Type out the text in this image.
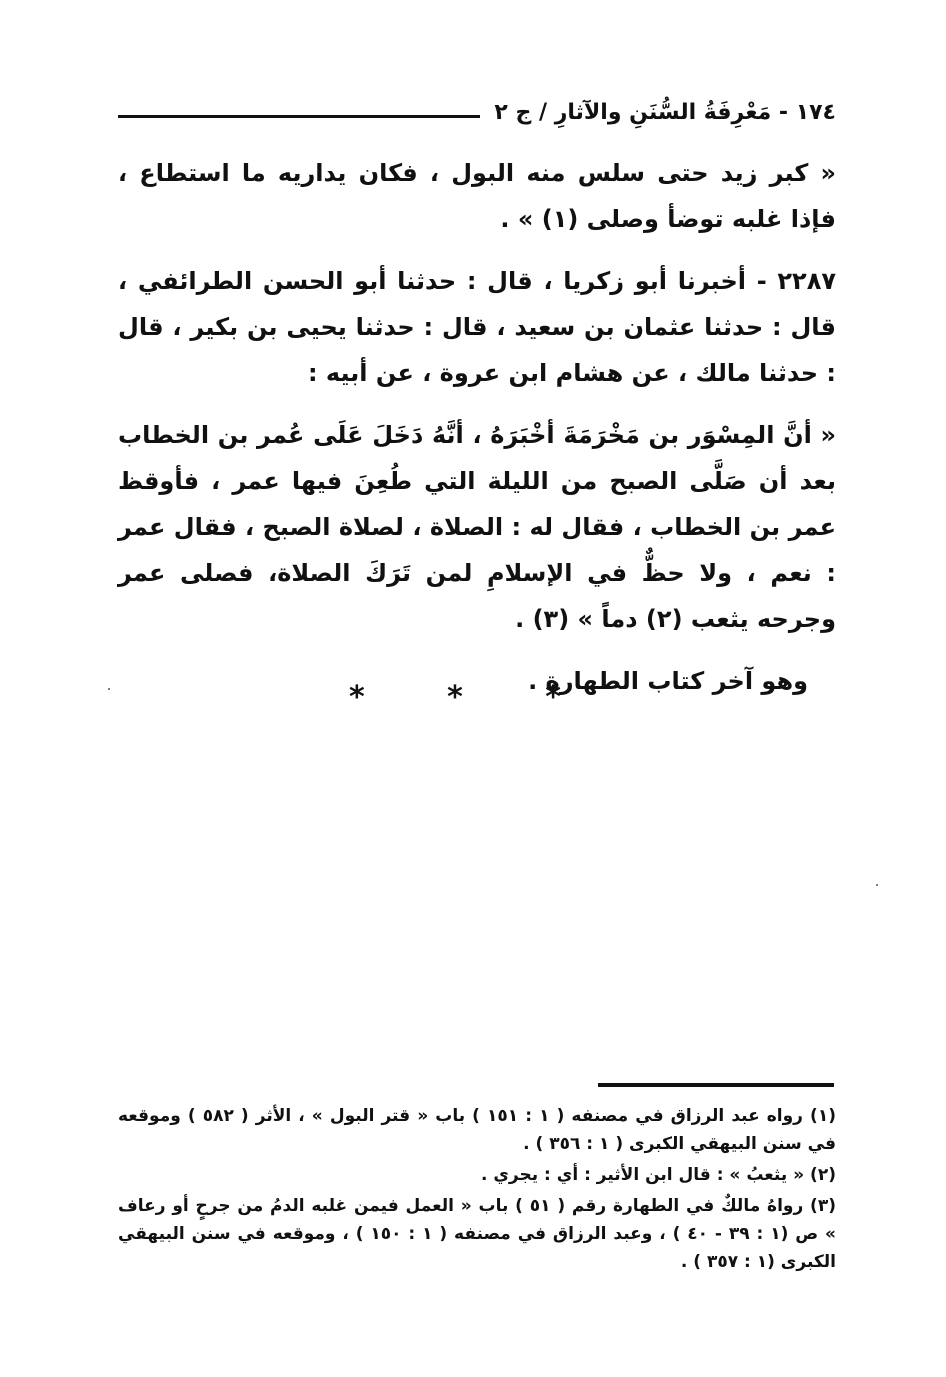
١٧٤ - مَعْرِفَةُ السُّنَنِ والآثارِ / ج ٢

« كبر زيد حتى سلس منه البول ، فكان يداريه ما استطاع ، فإذا غلبه توضأ وصلى (١) » .

٢٢٨٧ - أخبرنا أبو زكريا ، قال : حدثنا أبو الحسن الطرائفي ، قال : حدثنا عثمان بن سعيد ، قال : حدثنا يحيى بن بكير ، قال : حدثنا مالك ، عن هشام ابن عروة ، عن أبيه :

« أنَّ المِسْوَر بن مَخْرَمَةَ أخْبَرَهُ ، أنَّهُ دَخَلَ عَلَى عُمر بن الخطاب بعد أن صَلَّى الصبح من الليلة التي طُعِنَ فيها عمر ، فأوقظ عمر بن الخطاب ، فقال له : الصلاة ، لصلاة الصبح ، فقال عمر : نعم ، ولا حظٌّ في الإسلامِ لمن تَرَكَ الصلاة، فصلى عمر وجرحه يثعب (٢) دماً » (٣) .

وهو آخر كتاب الطهارة .

* * *

(١) رواه عبد الرزاق في مصنفه ( ١ : ١٥١ ) باب « قتر البول » ، الأثر ( ٥٨٢ ) وموقعه في سنن البيهقي الكبرى ( ١ : ٣٥٦ ) .

(٢) « يثعبُ » : قال ابن الأثير : أي : يجري .

(٣) رواهُ مالكٌ في الطهارة رقم ( ٥١ ) باب « العمل فيمن غلبه الدمُ من جرحٍ أو رعاف » ص (١ : ٣٩ - ٤٠ ) ، وعبد الرزاق في مصنفه ( ١ : ١٥٠ ) ، وموقعه في سنن البيهقي الكبرى (١ : ٣٥٧ ) .
